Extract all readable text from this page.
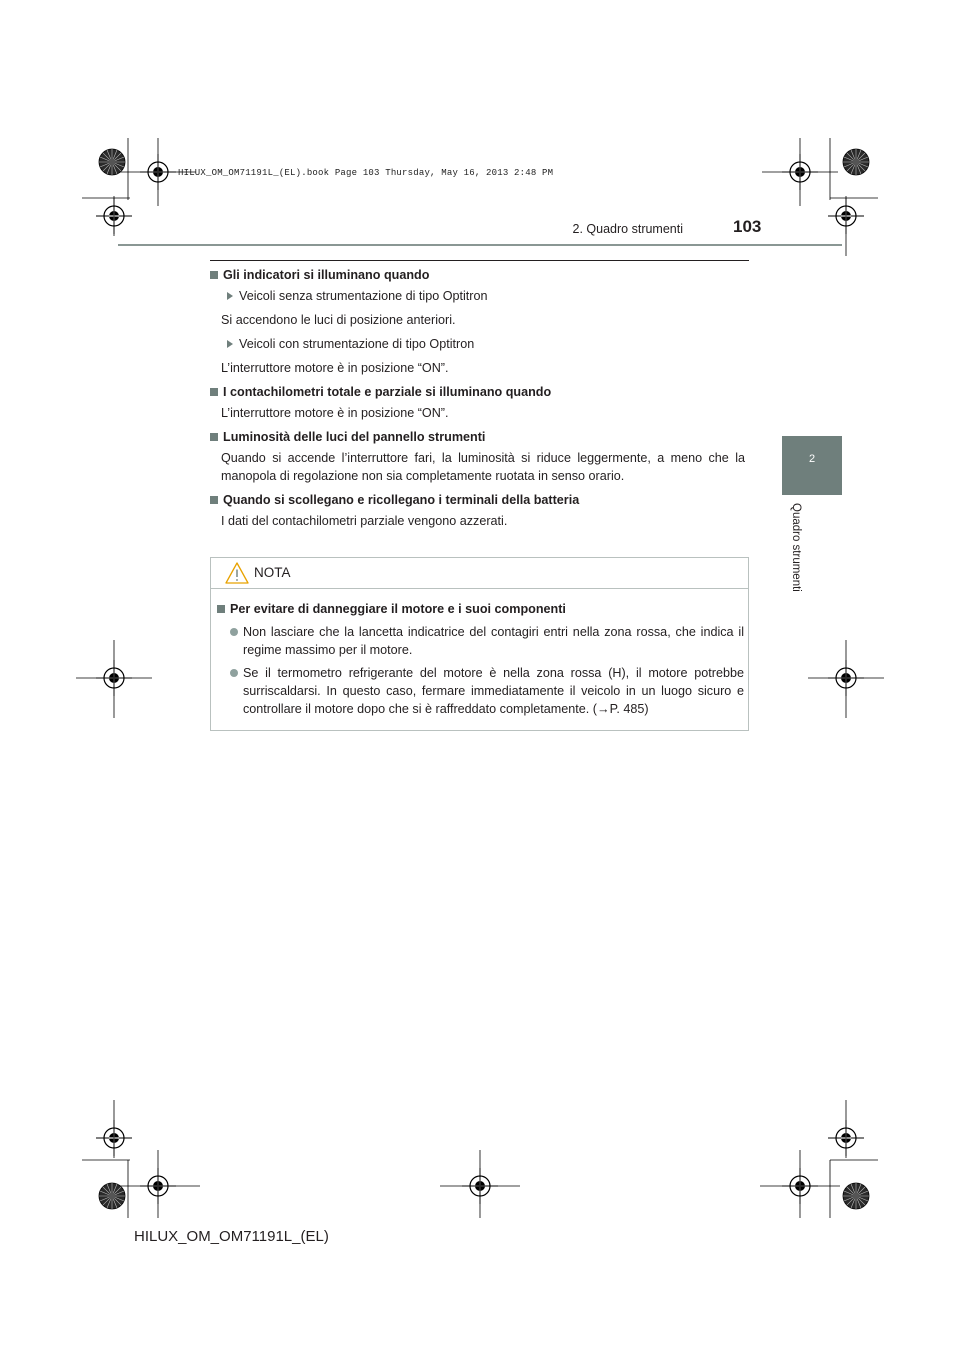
HILUX_OM_OM71191L_(EL).book Page 103 Thursday, May 16, 2013 2:48 PM
2. Quadro strumenti	103
2
Quadro strumenti
Gli indicatori si illuminano quando
Veicoli senza strumentazione di tipo Optitron
Si accendono le luci di posizione anteriori.
Veicoli con strumentazione di tipo Optitron
L’interruttore motore è in posizione “ON”.
I contachilometri totale e parziale si illuminano quando
L’interruttore motore è in posizione “ON”.
Luminosità delle luci del pannello strumenti
Quando si accende l’interruttore fari, la luminosità si riduce leggermente, a meno che la manopola di regolazione non sia completamente ruotata in senso orario.
Quando si scollegano e ricollegano i terminali della batteria
I dati del contachilometri parziale vengono azzerati.
NOTA
Per evitare di danneggiare il motore e i suoi componenti
Non lasciare che la lancetta indicatrice del contagiri entri nella zona rossa, che indica il regime massimo per il motore.
Se il termometro refrigerante del motore è nella zona rossa (H), il motore potrebbe surriscaldarsi. In questo caso, fermare immediatamente il veicolo in un luogo sicuro e controllare il motore dopo che si è raffreddato completamente. (→P. 485)
HILUX_OM_OM71191L_(EL)
